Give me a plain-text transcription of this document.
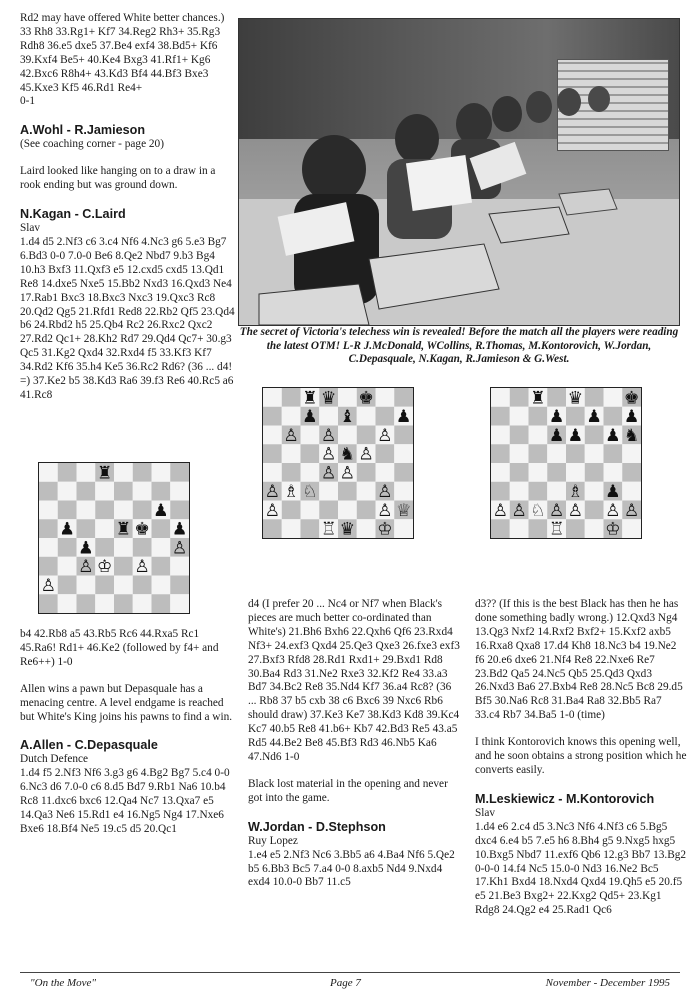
Rd2 may have offered White better chances.) 33 Rh8 33.Rg1+ Kf7 34.Reg2 Rh3+ 35.Rg3 Rdh8 36.e5 dxe5 37.Be4 exf4 38.Bd5+ Kf6 39.Kxf4 Be5+ 40.Ke4 Bxg3 41.Rf1+ Kg6 42.Bxc6 R8h4+ 43.Kd3 Bf4 44.Bf3 Bxe3 45.Kxe3 Kf5 46.Rd1 Re4+

0-1

A.Wohl - R.Jamieson

(See coaching corner - page 20)

Laird looked like hanging on to a draw in a rook ending but was ground down.

N.Kagan - C.Laird

Slav

1.d4 d5 2.Nf3 c6 3.c4 Nf6 4.Nc3 g6 5.e3 Bg7 6.Bd3 0-0 7.0-0 Be6 8.Qe2 Nbd7 9.b3 Bg4 10.h3 Bxf3 11.Qxf3 e5 12.cxd5 cxd5 13.Qd1 Re8 14.dxe5 Nxe5 15.Bb2 Nxd3 16.Qxd3 Ne4 17.Rab1 Bxc3 18.Bxc3 Nxc3 19.Qxc3 Rc8 20.Qd2 Qg5 21.Rfd1 Red8 22.Rb2 Qf5 23.Qd4 b6 24.Rbd2 h5 25.Qb4 Rc2 26.Rxc2 Qxc2 27.Rd2 Qc1+ 28.Kh2 Rd7 29.Qd4 Qc7+ 30.g3 Qc5 31.Kg2 Qxd4 32.Rxd4 f5 33.Kf3 Kf7 34.Rd2 Kf6 35.h4 Ke5 36.Rc2 Rd6? (36 ... d4! =) 37.Ke2 b5 38.Kd3 Ra6 39.f3 Re6 40.Rc5 a6 41.Rc8

b4 42.Rb8 a5 43.Rb5 Rc6 44.Rxa5 Rc1 45.Ra6! Rd1+ 46.Ke2 (followed by f4+ and Re6++) 1-0

Allen wins a pawn but Depasquale has a menacing centre. A level endgame is reached but White's King joins his pawns to find a win.

A.Allen - C.Depasquale

Dutch Defence

1.d4 f5 2.Nf3 Nf6 3.g3 g6 4.Bg2 Bg7 5.c4 0-0 6.Nc3 d6 7.0-0 c6 8.d5 Bd7 9.Rb1 Na6 10.b4 Rc8 11.dxc6 bxc6 12.Qa4 Nc7 13.Qxa7 e5 14.Qa3 Ne6 15.Rd1 e4 16.Ng5 Ng4 17.Nxe6 Bxe6 18.Bf4 Ne5 19.c5 d5 20.Qc1

The secret of Victoria's telechess win is revealed! Before the match all the players were reading the latest OTM! L-R J.McDonald, WCollins, R.Thomas, M.Kontorovich, W.Jordan, C.Depasquale, N.Kagan, R.Jamieson & G.West.

d4 (I prefer 20 ... Nc4 or Nf7 when Black's pieces are much better co-ordinated than White's) 21.Bh6 Bxh6 22.Qxh6 Qf6 23.Rxd4 Nf3+ 24.exf3 Qxd4 25.Qe3 Qxe3 26.fxe3 exf3 27.Bxf3 Rfd8 28.Rd1 Rxd1+ 29.Bxd1 Rd8 30.Ba4 Rd3 31.Ne2 Rxe3 32.Kf2 Re4 33.a3 Bd7 34.Bc2 Re8 35.Nd4 Kf7 36.a4 Rc8? (36 ... Rb8 37 b5 cxb 38 c6 Bxc6 39 Nxc6 Rb6 should draw) 37.Ke3 Ke7 38.Kd3 Kd8 39.Kc4 Kc7 40.b5 Re8 41.b6+ Kb7 42.Bd3 Re5 43.a5 Rd5 44.Be2 Be8 45.Bf3 Rd3 46.Nb5 Ka6 47.Nd6 1-0

Black lost material in the opening and never got into the game.

W.Jordan - D.Stephson

Ruy Lopez

1.e4 e5 2.Nf3 Nc6 3.Bb5 a6 4.Ba4 Nf6 5.Qe2 b5 6.Bb3 Bc5 7.a4 0-0 8.axb5 Nd4 9.Nxd4 exd4 10.0-0 Bb7 11.c5

d3?? (If this is the best Black has then he has done something badly wrong.) 12.Qxd3 Ng4 13.Qg3 Nxf2 14.Rxf2 Bxf2+ 15.Kxf2 axb5 16.Rxa8 Qxa8 17.d4 Kh8 18.Nc3 b4 19.Ne2 f6 20.e6 dxe6 21.Nf4 Re8 22.Nxe6 Re7 23.Bd2 Qa5 24.Nc5 Qb5 25.Qd3 Qxd3 26.Nxd3 Ba6 27.Bxb4 Re8 28.Nc5 Bc8 29.d5 Bf5 30.Na6 Rc8 31.Ba4 Ra8 32.Bb5 Ra7 33.c4 Rb7 34.Ba5 1-0 (time)

I think Kontorovich knows this opening well, and he soon obtains a strong position which he converts easily.

M.Leskiewicz - M.Kontorovich

Slav

1.d4 e6 2.c4 d5 3.Nc3 Nf6 4.Nf3 c6 5.Bg5 dxc4 6.e4 b5 7.e5 h6 8.Bh4 g5 9.Nxg5 hxg5 10.Bxg5 Nbd7 11.exf6 Qb6 12.g3 Bb7 13.Bg2 0-0-0 14.f4 Nc5 15.0-0 Nd3 16.Ne2 Bc5 17.Kh1 Bxd4 18.Nxd4 Qxd4 19.Qh5 e5 20.f5 e5 21.Be3 Bxg2+ 22.Kxg2 Qd5+ 23.Kg1 Rdg8 24.Qg2 e4 25.Rad1 Qc6

"On the Move"	Page 7	November - December 1995
